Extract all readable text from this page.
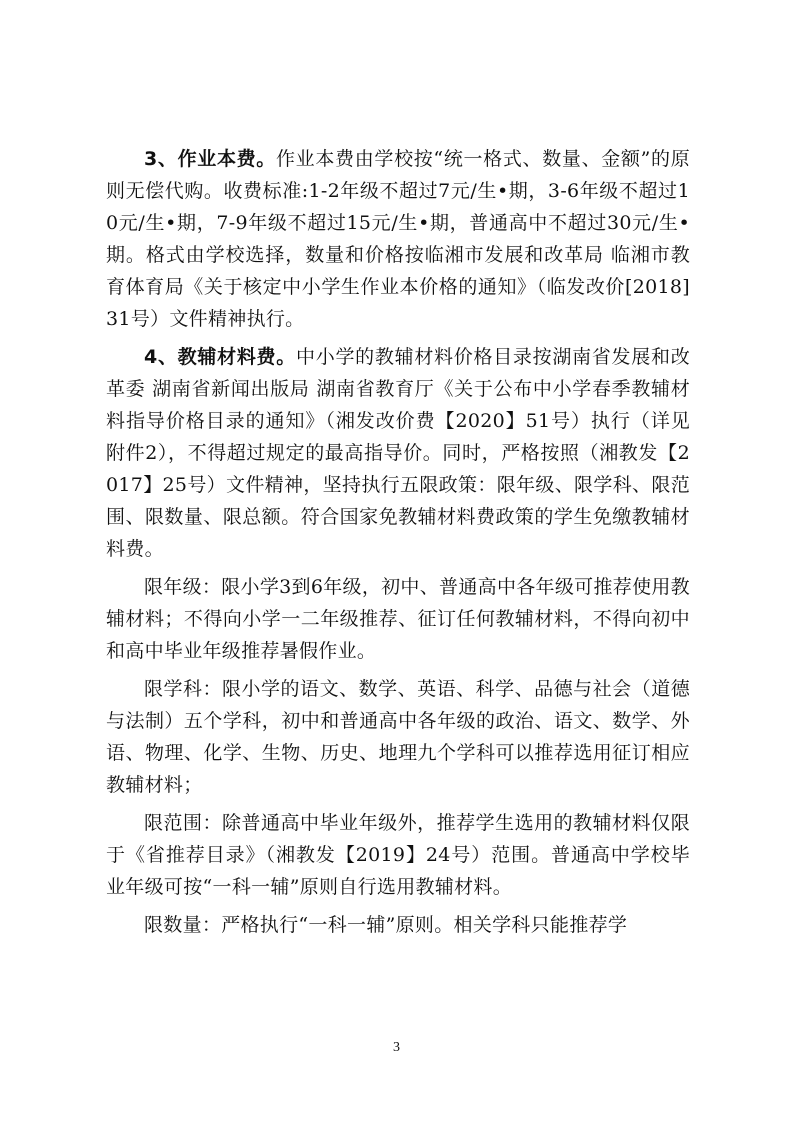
3、作业本费。作业本费由学校按“统一格式、数量、金额”的原则无偿代购。收费标准:1-2年级不超过7元/生•期，3-6年级不超过10元/生•期，7-9年级不超过15元/生•期，普通高中不超过30元/生•期。格式由学校选择，数量和价格按临湘市发展和改革局 临湘市教育体育局《关于核定中小学生作业本价格的通知》（临发改价[2018]31号）文件精神执行。

4、教辅材料费。中小学的教辅材料价格目录按湖南省发展和改革委 湖南省新闻出版局 湖南省教育厅《关于公布中小学春季教辅材料指导价格目录的通知》（湘发改价费【2020】51号）执行（详见附件2），不得超过规定的最高指导价。同时，严格按照（湘教发【2017】25号）文件精神，坚持执行五限政策：限年级、限学科、限范围、限数量、限总额。符合国家免教辅材料费政策的学生免缴教辅材料费。

限年级：限小学3到6年级，初中、普通高中各年级可推荐使用教辅材料；不得向小学一二年级推荐、征订任何教辅材料，不得向初中和高中毕业年级推荐暑假作业。

限学科：限小学的语文、数学、英语、科学、品德与社会（道德与法制）五个学科，初中和普通高中各年级的政治、语文、数学、外语、物理、化学、生物、历史、地理九个学科可以推荐选用征订相应教辅材料；

限范围：除普通高中毕业年级外，推荐学生选用的教辅材料仅限于《省推荐目录》（湘教发【2019】24号）范围。普通高中学校毕业年级可按“一科一辅”原则自行选用教辅材料。

限数量：严格执行“一科一辅”原则。相关学科只能推荐学

3
